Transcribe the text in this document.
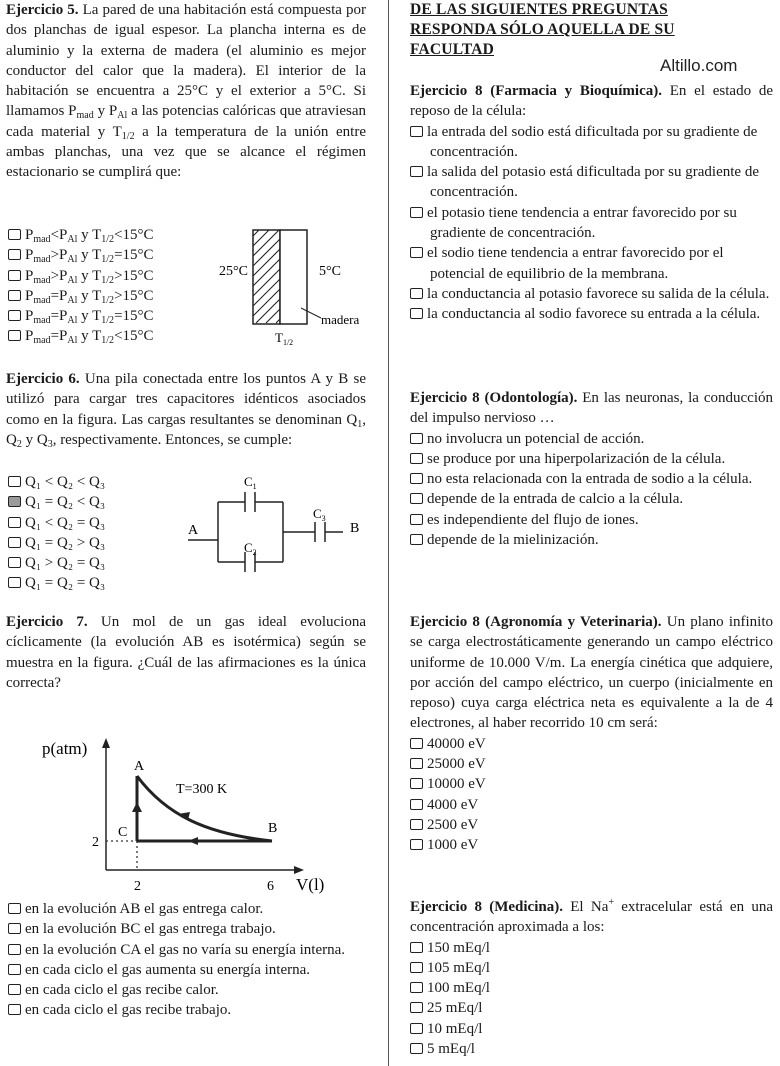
Altillo.com

Ejercicio 5. La pared de una habitación está compuesta por dos planchas de igual espesor. La plancha interna es de aluminio y la externa de madera (el aluminio es mejor conductor del calor que la madera). El interior de la habitación se encuentra a 25°C y el exterior a 5°C. Si llamamos $P_{mad}$ y $P_{Al}$ a las potencias calóricas que atraviesan cada material y $T_{1/2}$ a la temperatura de la unión entre ambas planchas, una vez que se alcance el régimen estacionario se cumplirá que:

$P_{mad}<P_{Al}$ y $T_{1/2}<15^\circ C$
$P_{mad}>P_{Al}$ y $T_{1/2}=15^\circ C$
$P_{mad}>P_{Al}$ y $T_{1/2}>15^\circ C$
$P_{mad}=P_{Al}$ y $T_{1/2}>15^\circ C$
$P_{mad}=P_{Al}$ y $T_{1/2}=15^\circ C$
$P_{mad}=P_{Al}$ y $T_{1/2}<15^\circ C$
25°C	5°C
madera
$T_{1/2}$

Ejercicio 6. Una pila conectada entre los puntos A y B se utilizó para cargar tres capacitores idénticos asociados como en la figura. Las cargas resultantes se denominan $Q_1$, $Q_2$ y $Q_3$, respectivamente. Entonces, se cumple:

Q₁ < Q₂ < Q₃
Q₁ = Q₂ < Q₃
Q₁ < Q₂ = Q₃
Q₁ = Q₂ > Q₃
Q₁ > Q₂ = Q₃
Q₁ = Q₂ = Q₃
$C_1$
$C_2$
$C_3$
A	B

Ejercicio 7. Un mol de un gas ideal evoluciona cíclicamente (la evolución AB es isotérmica) según se muestra en la figura. ¿Cuál de las afirmaciones es la única correcta?

p(atm)
V(l)
A
B
C
T=300 K
2
2	6
en la evolución AB el gas entrega calor.
en la evolución BC el gas entrega trabajo.
en la evolución CA el gas no varía su energía interna.
en cada ciclo el gas aumenta su energía interna.
en cada ciclo el gas recibe calor.
en cada ciclo el gas recibe trabajo.
DE LAS SIGUIENTES PREGUNTAS
RESPONDA SÓLO AQUELLA DE SU
FACULTAD

Ejercicio 8 (Farmacia y Bioquímica). En el estado de reposo de la célula:

la entrada del sodio está dificultada por su gradiente de concentración.
la salida del potasio está dificultada por su gradiente de concentración.
el potasio tiene tendencia a entrar favorecido por su gradiente de concentración.
el sodio tiene tendencia a entrar favorecido por el potencial de equilibrio de la membrana.
la conductancia al potasio favorece su salida de la célula.
la conductancia al sodio favorece su entrada a la célula.

Ejercicio 8 (Odontología). En las neuronas, la conducción del impulso nervioso …

no involucra un potencial de acción.
se produce por una hiperpolarización de la célula.
no esta relacionada con la entrada de sodio a la célula.
depende de la entrada de calcio a la célula.
es independiente del flujo de iones.
depende de la mielinización.

Ejercicio 8 (Agronomía y Veterinaria). Un plano infinito se carga electrostáticamente generando un campo eléctrico uniforme de 10.000 V/m. La energía cinética que adquiere, por acción del campo eléctrico, un cuerpo (inicialmente en reposo) cuya carga eléctrica neta es equivalente a la de 4 electrones, al haber recorrido 10 cm será:

40000 eV
25000 eV
10000 eV
4000 eV
2500 eV
1000 eV

Ejercicio 8 (Medicina). El Na+ extracelular está en una concentración aproximada a los:

150 mEq/l
105 mEq/l
100 mEq/l
25 mEq/l
10 mEq/l
5 mEq/l
